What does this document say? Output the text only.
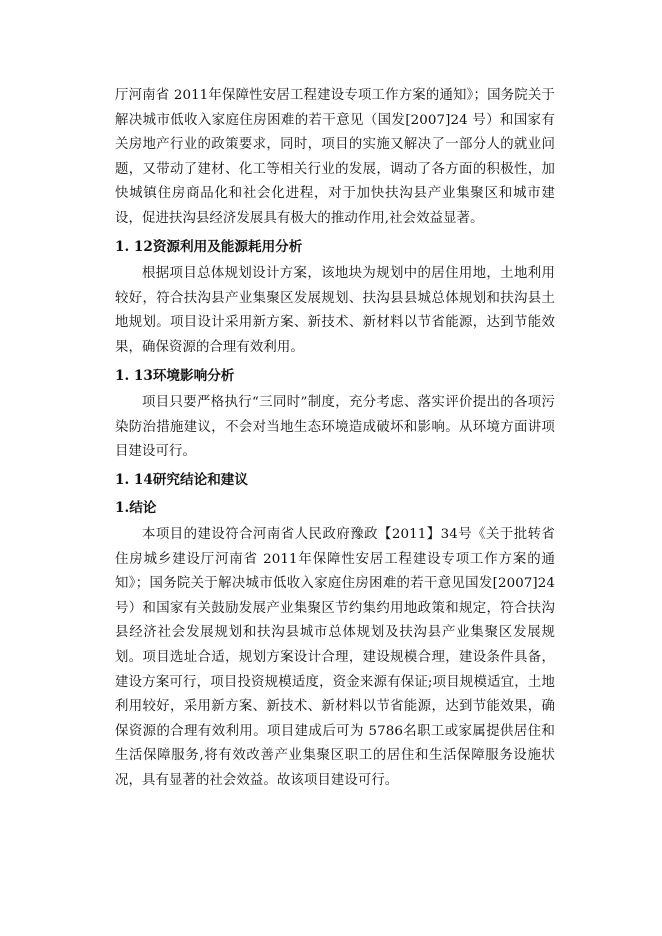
厅河南省 2011年保障性安居工程建设专项工作方案的通知》；国务院关于解决城市低收入家庭住房困难的若干意见（国发[2007]24 号）和国家有关房地产行业的政策要求，同时，项目的实施又解决了一部分人的就业问题，又带动了建材、化工等相关行业的发展，调动了各方面的积极性，加快城镇住房商品化和社会化进程，对于加快扶沟县产业集聚区和城市建设，促进扶沟县经济发展具有极大的推动作用,社会效益显著。

1. 12资源利用及能源耗用分析

根据项目总体规划设计方案，该地块为规划中的居住用地，土地利用较好，符合扶沟县产业集聚区发展规划、扶沟县县城总体规划和扶沟县土地规划。项目设计采用新方案、新技术、新材料以节省能源，达到节能效果，确保资源的合理有效利用。

1. 13环境影响分析

项目只要严格执行“三同时”制度，充分考虑、落实评价提出的各项污染防治措施建议，不会对当地生态环境造成破坏和影响。从环境方面讲项目建设可行。

1. 14研究结论和建议
1.结论

本项目的建设符合河南省人民政府豫政【2011】34号《关于批转省住房城乡建设厅河南省 2011年保障性安居工程建设专项工作方案的通知》；国务院关于解决城市低收入家庭住房困难的若干意见国发[2007]24 号）和国家有关鼓励发展产业集聚区节约集约用地政策和规定，符合扶沟县经济社会发展规划和扶沟县城市总体规划及扶沟县产业集聚区发展规划。项目选址合适，规划方案设计合理，建设规模合理，建设条件具备，建设方案可行，项目投资规模适度，资金来源有保证;项目规模适宜，土地利用较好，采用新方案、新技术、新材料以节省能源，达到节能效果，确保资源的合理有效利用。项目建成后可为 5786名职工或家属提供居住和生活保障服务,将有效改善产业集聚区职工的居住和生活保障服务设施状况，具有显著的社会效益。故该项目建设可行。
